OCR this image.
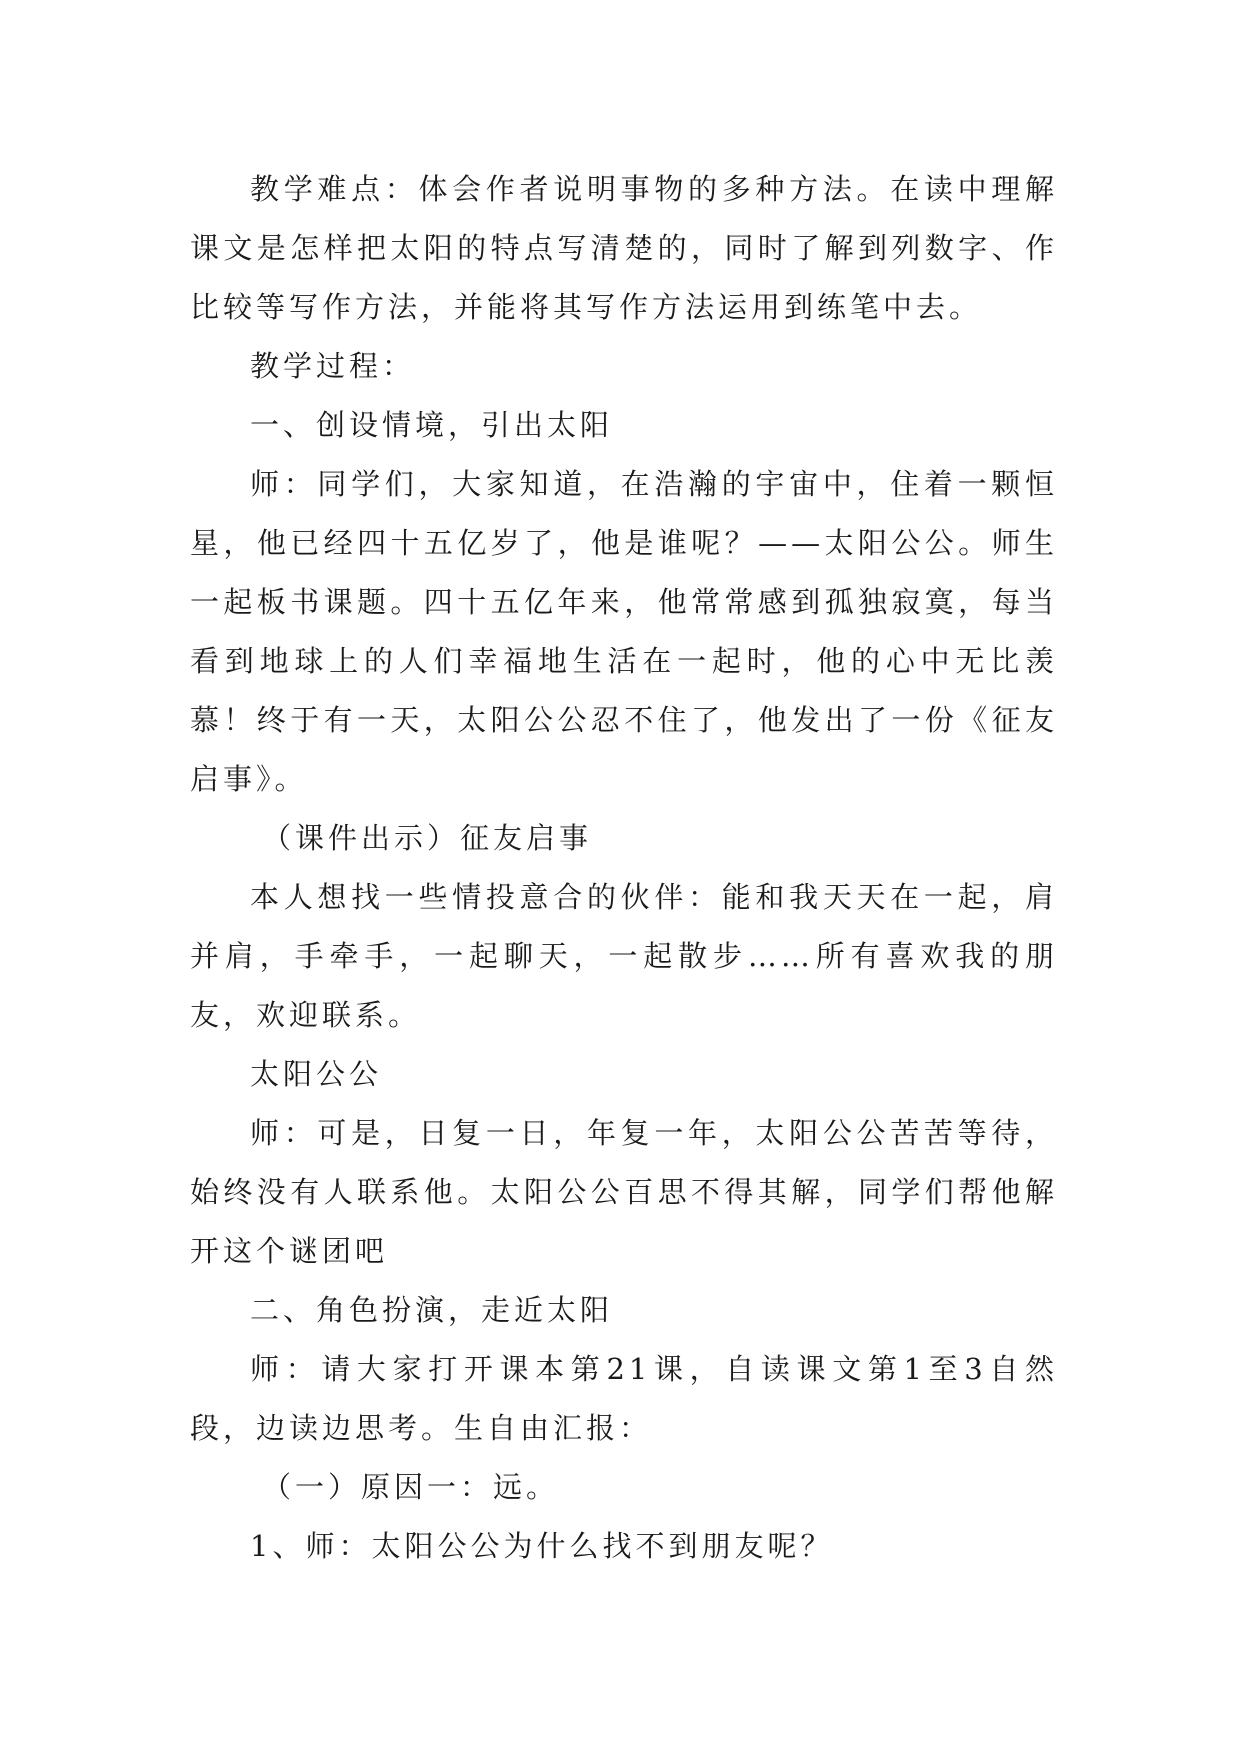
教学难点：体会作者说明事物的多种方法。在读中理解课文是怎样把太阳的特点写清楚的，同时了解到列数字、作比较等写作方法，并能将其写作方法运用到练笔中去。

教学过程：

一、创设情境，引出太阳

师：同学们，大家知道，在浩瀚的宇宙中，住着一颗恒星，他已经四十五亿岁了，他是谁呢？——太阳公公。师生一起板书课题。四十五亿年来，他常常感到孤独寂寞，每当看到地球上的人们幸福地生活在一起时，他的心中无比羡慕！终于有一天，太阳公公忍不住了，他发出了一份《征友启事》。

（课件出示）征友启事

本人想找一些情投意合的伙伴：能和我天天在一起，肩并肩，手牵手，一起聊天，一起散步……所有喜欢我的朋友，欢迎联系。

太阳公公

师：可是，日复一日，年复一年，太阳公公苦苦等待，始终没有人联系他。太阳公公百思不得其解，同学们帮他解开这个谜团吧

二、角色扮演，走近太阳

师：请大家打开课本第21课，自读课文第1至3自然段，边读边思考。生自由汇报：

（一）原因一：远。

1、师：太阳公公为什么找不到朋友呢？
